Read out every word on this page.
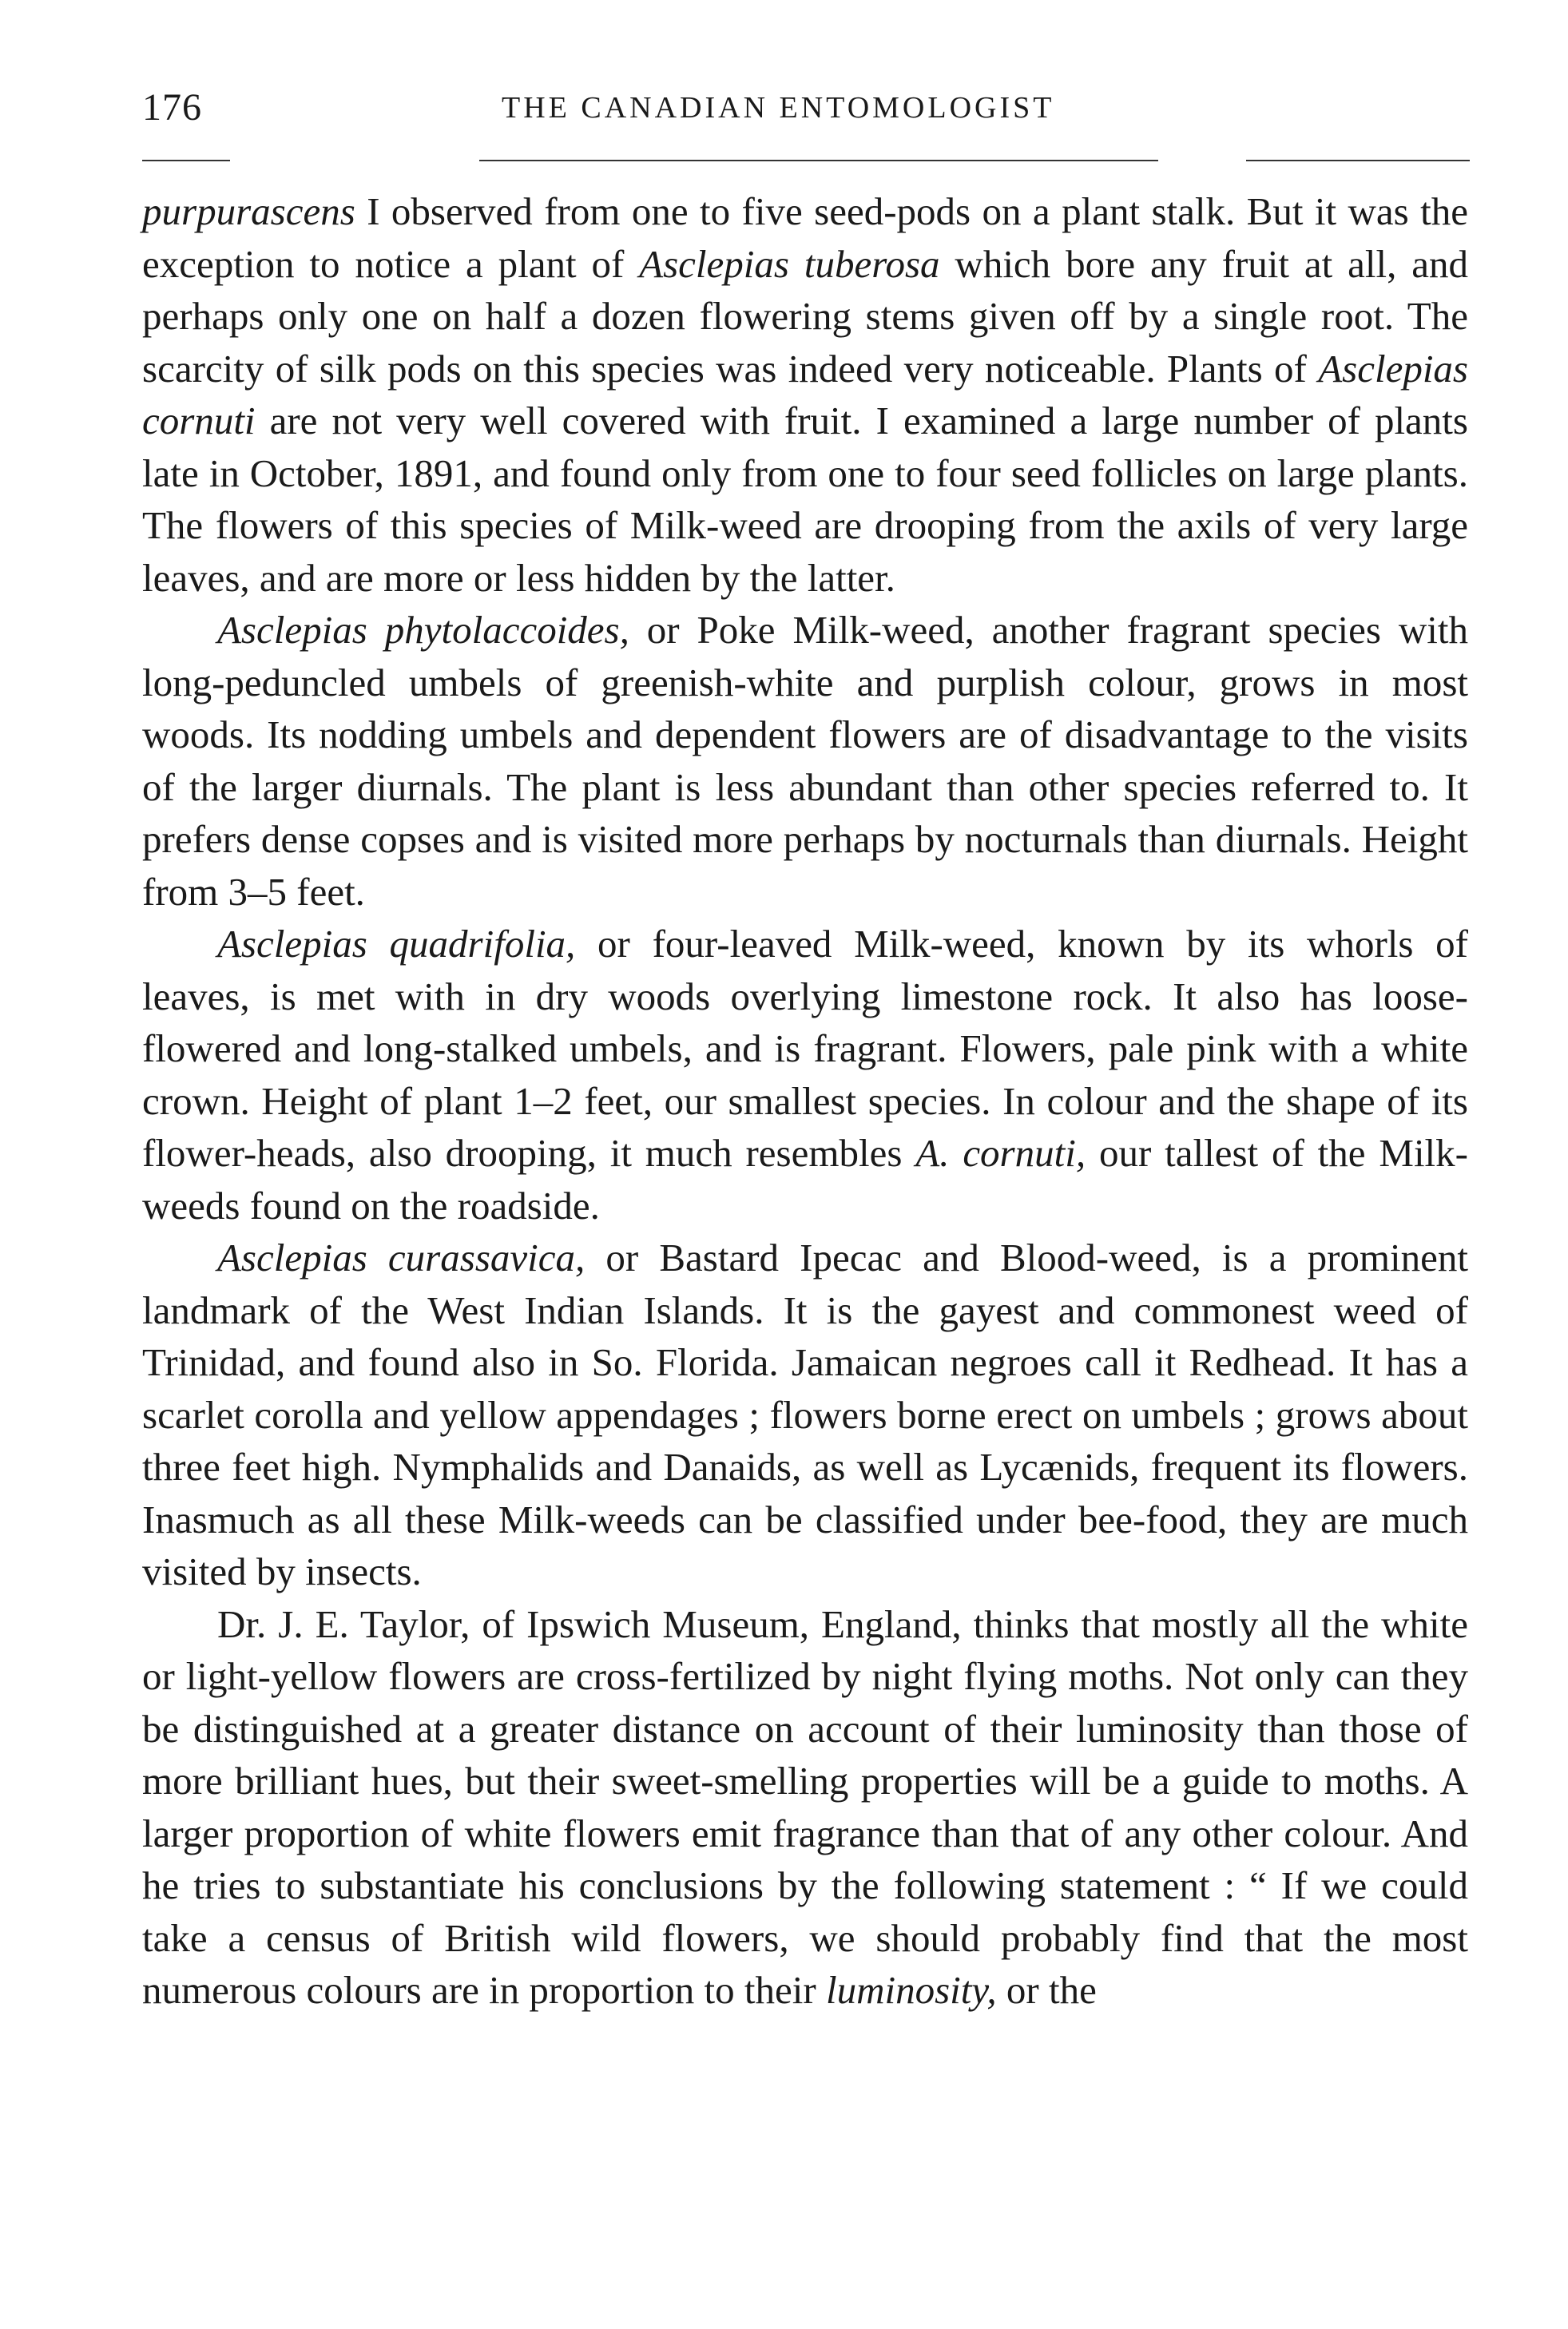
176	THE CANADIAN ENTOMOLOGIST

purpurascens I observed from one to five seed-pods on a plant stalk. But it was the exception to notice a plant of Asclepias tuberosa which bore any fruit at all, and perhaps only one on half a dozen flowering stems given off by a single root. The scarcity of silk pods on this species was indeed very noticeable. Plants of Asclepias cornuti are not very well covered with fruit. I examined a large number of plants late in October, 1891, and found only from one to four seed follicles on large plants. The flowers of this species of Milk-weed are drooping from the axils of very large leaves, and are more or less hidden by the latter.

Asclepias phytolaccoides, or Poke Milk-weed, another fragrant species with long-peduncled umbels of greenish-white and purplish colour, grows in most woods. Its nodding umbels and dependent flowers are of disadvantage to the visits of the larger diurnals. The plant is less abundant than other species referred to. It prefers dense copses and is visited more perhaps by nocturnals than diurnals. Height from 3–5 feet.

Asclepias quadrifolia, or four-leaved Milk-weed, known by its whorls of leaves, is met with in dry woods overlying limestone rock. It also has loose-flowered and long-stalked umbels, and is fragrant. Flowers, pale pink with a white crown. Height of plant 1–2 feet, our smallest species. In colour and the shape of its flower-heads, also drooping, it much resembles A. cornuti, our tallest of the Milk-weeds found on the roadside.

Asclepias curassavica, or Bastard Ipecac and Blood-weed, is a prominent landmark of the West Indian Islands. It is the gayest and commonest weed of Trinidad, and found also in So. Florida. Jamaican negroes call it Redhead. It has a scarlet corolla and yellow appendages ; flowers borne erect on umbels ; grows about three feet high. Nymphalids and Danaids, as well as Lycænids, frequent its flowers. Inasmuch as all these Milk-weeds can be classified under bee-food, they are much visited by insects.

Dr. J. E. Taylor, of Ipswich Museum, England, thinks that mostly all the white or light-yellow flowers are cross-fertilized by night flying moths. Not only can they be distinguished at a greater distance on account of their luminosity than those of more brilliant hues, but their sweet-smelling properties will be a guide to moths. A larger proportion of white flowers emit fragrance than that of any other colour. And he tries to substantiate his conclusions by the following statement : “ If we could take a census of British wild flowers, we should probably find that the most numerous colours are in proportion to their luminosity, or the
